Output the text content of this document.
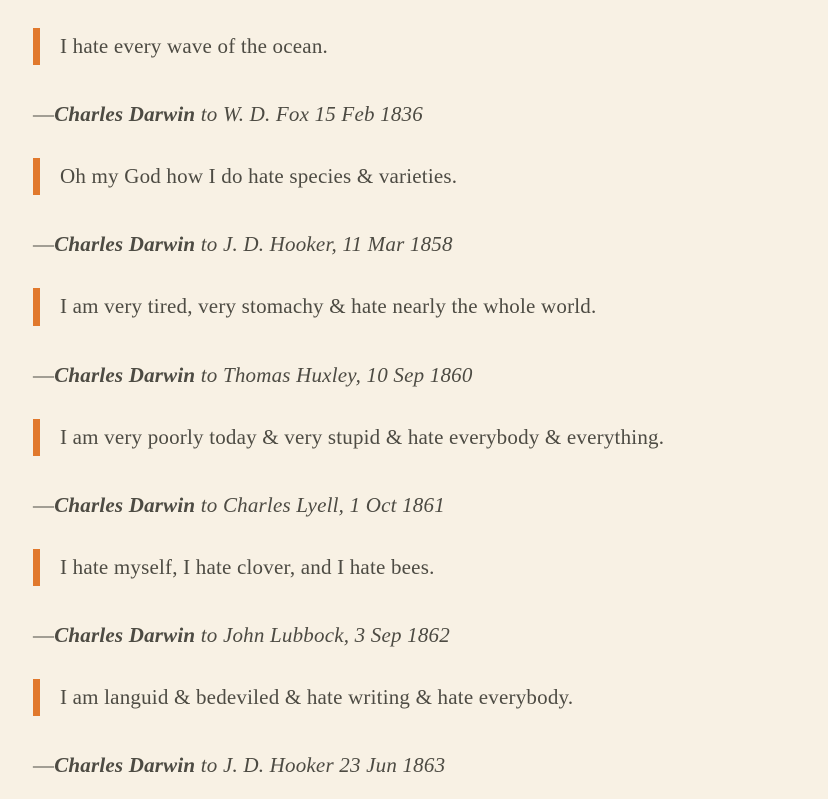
I hate every wave of the ocean.
—Charles Darwin to W. D. Fox 15 Feb 1836
Oh my God how I do hate species & varieties.
—Charles Darwin to J. D. Hooker, 11 Mar 1858
I am very tired, very stomachy & hate nearly the whole world.
—Charles Darwin to Thomas Huxley, 10 Sep 1860
I am very poorly today & very stupid & hate everybody & everything.
—Charles Darwin to Charles Lyell, 1 Oct 1861
I hate myself, I hate clover, and I hate bees.
—Charles Darwin to John Lubbock, 3 Sep 1862
I am languid & bedeviled & hate writing & hate everybody.
—Charles Darwin to J. D. Hooker 23 Jun 1863
